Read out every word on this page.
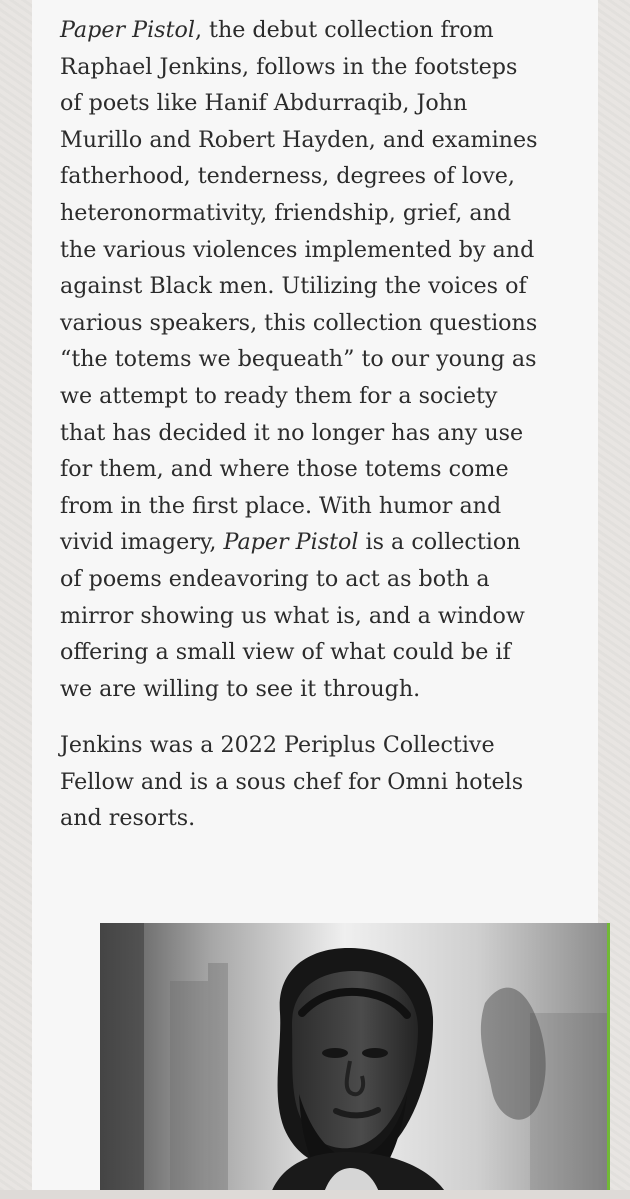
Paper Pistol, the debut collection from
Raphael Jenkins, follows in the footsteps
of poets like Hanif Abdurraqib, John
Murillo and Robert Hayden, and examines
fatherhood, tenderness, degrees of love,
heteronormativity, friendship, grief, and
the various violences implemented by and
against Black men. Utilizing the voices of
various speakers, this collection questions
“the totems we bequeath” to our young as
we attempt to ready them for a society
that has decided it no longer has any use
for them, and where those totems come
from in the first place. With humor and
vivid imagery, Paper Pistol is a collection
of poems endeavoring to act as both a
mirror showing us what is, and a window
offering a small view of what could be if
we are willing to see it through.

Jenkins was a 2022 Periplus Collective
Fellow and is a sous chef for Omni hotels
and resorts.
